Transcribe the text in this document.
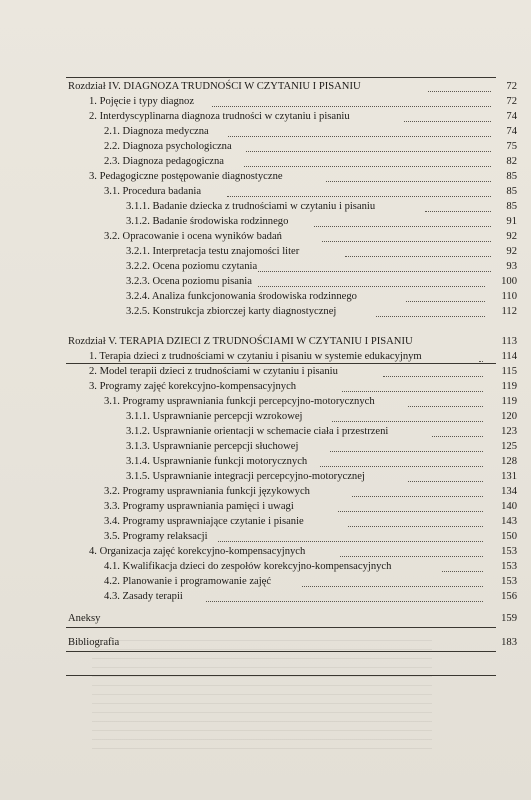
Rozdział IV. DIAGNOZA TRUDNOŚCI W CZYTANIU I PISANIU	72
1. Pojęcie i typy diagnoz	72
2. Interdyscyplinarna diagnoza trudności w czytaniu i pisaniu	74
2.1. Diagnoza medyczna	74
2.2. Diagnoza psychologiczna	75
2.3. Diagnoza pedagogiczna	82
3. Pedagogiczne postępowanie diagnostyczne	85
3.1. Procedura badania	85
3.1.1. Badanie dziecka z trudnościami w czytaniu i pisaniu	85
3.1.2. Badanie środowiska rodzinnego	91
3.2. Opracowanie i ocena wyników badań	92
3.2.1. Interpretacja testu znajomości liter	92
3.2.2. Ocena poziomu czytania	93
3.2.3. Ocena poziomu pisania	100
3.2.4. Analiza funkcjonowania środowiska rodzinnego	110
3.2.5. Konstrukcja zbiorczej karty diagnostycznej	112
Rozdział V. TERAPIA DZIECI Z TRUDNOŚCIAMI W CZYTANIU I PISANIU	113
1. Terapia dzieci z trudnościami w czytaniu i pisaniu w systemie edukacyjnym	114
2. Model terapii dzieci z trudnościami w czytaniu i pisaniu	115
3. Programy zajęć korekcyjno-kompensacyjnych	119
3.1. Programy usprawniania funkcji percepcyjno-motorycznych	119
3.1.1. Usprawnianie percepcji wzrokowej	120
3.1.2. Usprawnianie orientacji w schemacie ciała i przestrzeni	123
3.1.3. Usprawnianie percepcji słuchowej	125
3.1.4. Usprawnianie funkcji motorycznych	128
3.1.5. Usprawnianie integracji percepcyjno-motorycznej	131
3.2. Programy usprawniania funkcji językowych	134
3.3. Programy usprawniania pamięci i uwagi	140
3.4. Programy usprawniające czytanie i pisanie	143
3.5. Programy relaksacji	150
4. Organizacja zajęć korekcyjno-kompensacyjnych	153
4.1. Kwalifikacja dzieci do zespołów korekcyjno-kompensacyjnych	153
4.2. Planowanie i programowanie zajęć	153
4.3. Zasady terapii	156
Aneksy	159
Bibliografia	183
